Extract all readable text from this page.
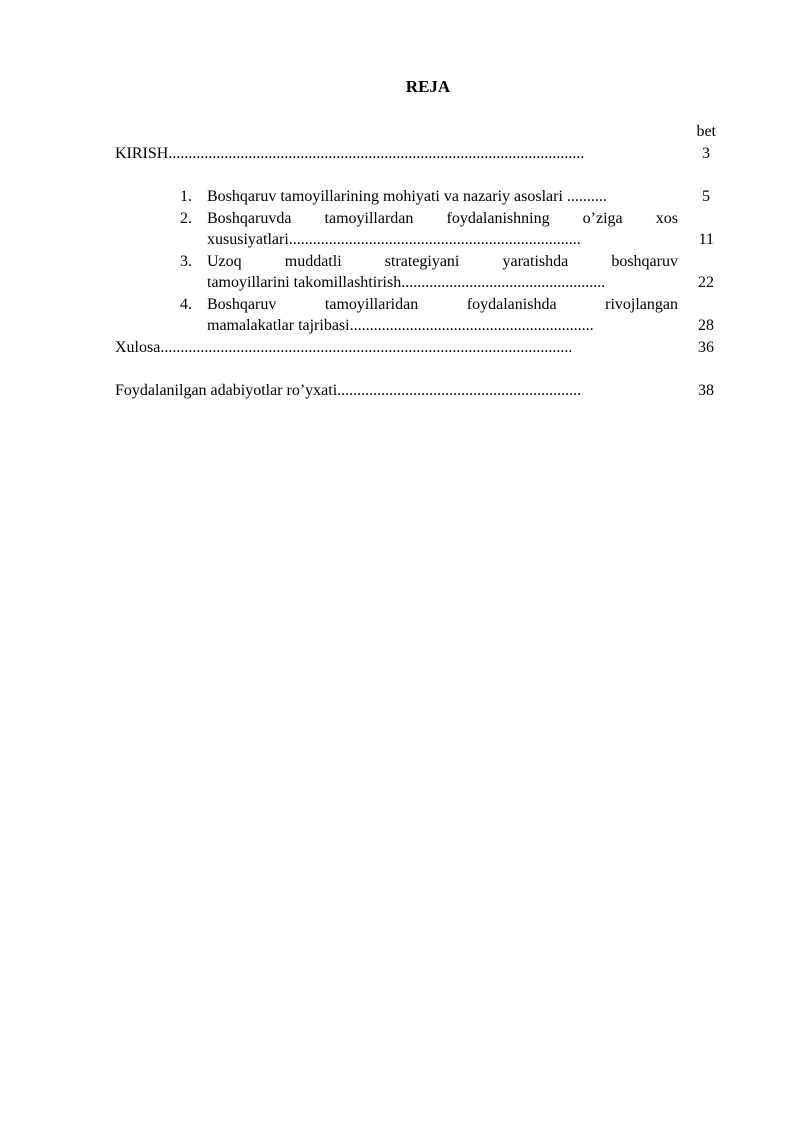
REJA
bet
KIRISH........................................................................................................	3
1. Boshqaruv tamoyillarining mohiyati va nazariy asoslari ..........	5
2. Boshqaruvda tamoyillardan foydalanishning o’ziga xos
xususiyatlari.........................................................................	11
3. Uzoq	muddatli	strategiyani	yaratishda	boshqaruv
tamoyillarini takomillashtirish...................................................	22
4. Boshqaruv	tamoyillaridan	foydalanishda	rivojlangan
mamalakatlar tajribasi.............................................................	28
Xulosa.......................................................................................................	36
Foydalanilgan adabiyotlar ro’yxati.............................................................	38
